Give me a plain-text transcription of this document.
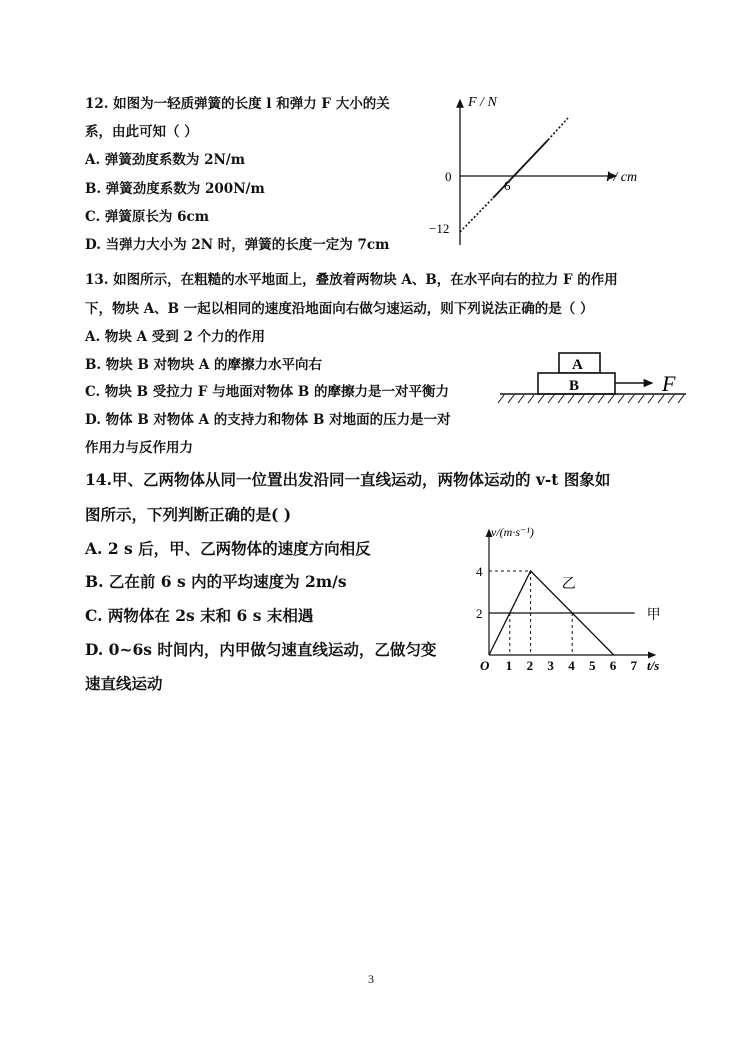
12. 如图为一轻质弹簧的长度 l 和弹力 F 大小的关
系，由此可知（ ）
A. 弹簧劲度系数为 2N/m
B. 弹簧劲度系数为 200N/m
C. 弹簧原长为 6cm
D. 当弹力大小为 2N 时，弹簧的长度一定为 7cm
F / N
l / cm
0
6
−12
13. 如图所示，在粗糙的水平地面上，叠放着两物块 A、B，在水平向右的拉力 F 的作用
下，物块 A、B 一起以相同的速度沿地面向右做匀速运动，则下列说法正确的是（ ）
A. 物块 A 受到 2 个力的作用
B. 物块 B 对物块 A 的摩擦力水平向右
C. 物块 B 受拉力 F 与地面对物体 B 的摩擦力是一对平衡力
D. 物体 B 对物体 A 的支持力和物体 B 对地面的压力是一对
作用力与反作用力
A
B	F
14.甲、乙两物体从同一位置出发沿同一直线运动，两物体运动的 v-t 图象如
图所示，下列判断正确的是( )
A. 2 s 后，甲、乙两物体的速度方向相反
B. 乙在前 6 s 内的平均速度为 2m/s
C. 两物体在 2s 末和 6 s 末相遇
D. 0~6s 时间内，内甲做匀速直线运动，乙做匀变
速直线运动
v/(m·s⁻¹)
t/s
O 1 2 3 4 5 6 7
2
4
甲
乙
3
